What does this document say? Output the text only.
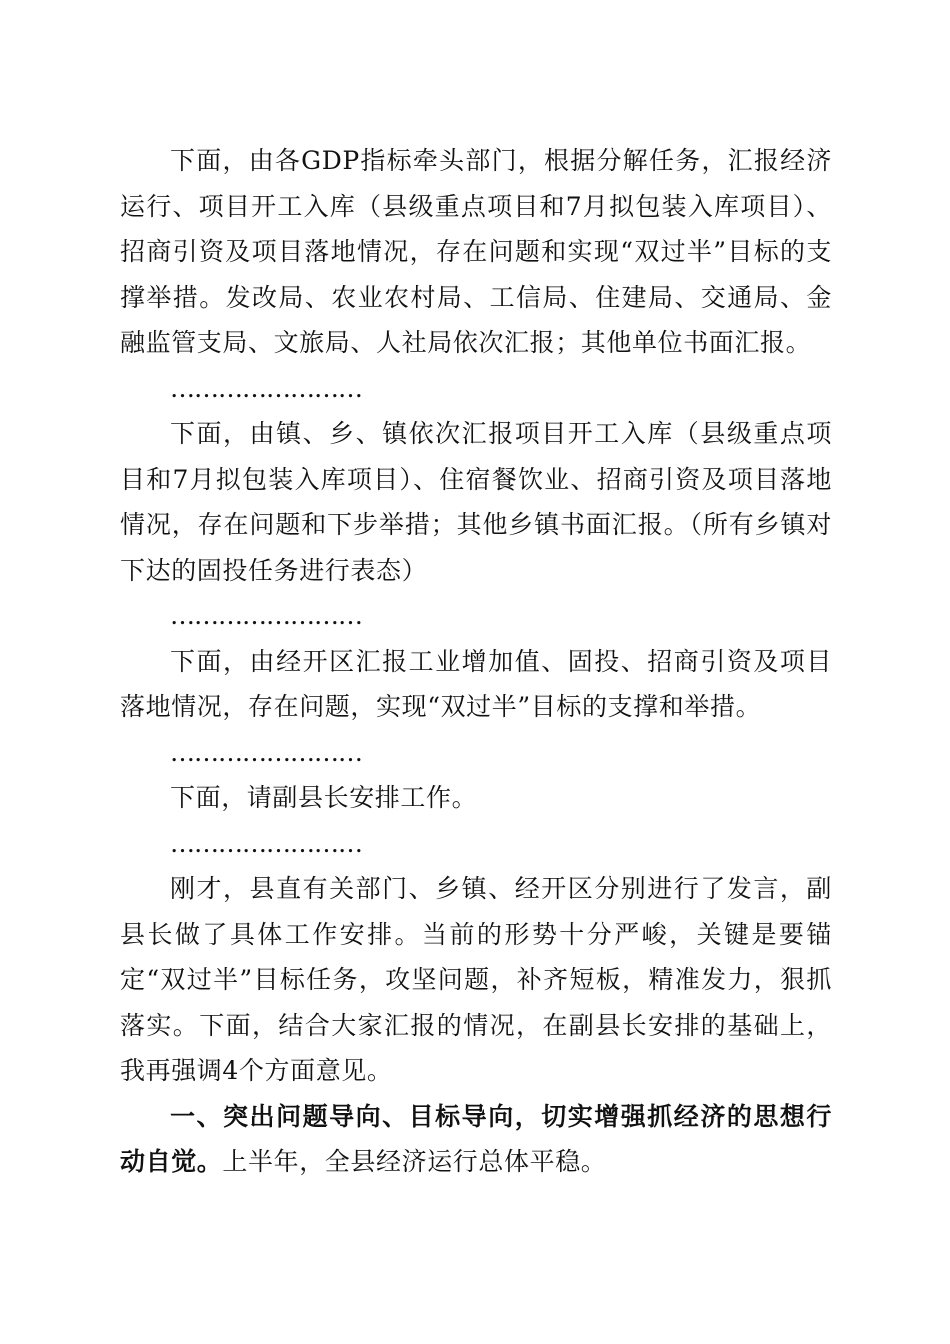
下面，由各GDP指标牵头部门，根据分解任务，汇报经济运行、项目开工入库（县级重点项目和7月拟包装入库项目）、招商引资及项目落地情况，存在问题和实现“双过半”目标的支撑举措。发改局、农业农村局、工信局、住建局、交通局、金融监管支局、文旅局、人社局依次汇报；其他单位书面汇报。

……………………

下面，由镇、乡、镇依次汇报项目开工入库（县级重点项目和7月拟包装入库项目）、住宿餐饮业、招商引资及项目落地情况，存在问题和下步举措；其他乡镇书面汇报。（所有乡镇对下达的固投任务进行表态）

……………………

下面，由经开区汇报工业增加值、固投、招商引资及项目落地情况，存在问题，实现“双过半”目标的支撑和举措。

……………………

下面，请副县长安排工作。

……………………

刚才，县直有关部门、乡镇、经开区分别进行了发言，副县长做了具体工作安排。当前的形势十分严峻，关键是要锚定“双过半”目标任务，攻坚问题，补齐短板，精准发力，狠抓落实。下面，结合大家汇报的情况，在副县长安排的基础上，我再强调4个方面意见。

一、突出问题导向、目标导向，切实增强抓经济的思想行动自觉。上半年，全县经济运行总体平稳。
